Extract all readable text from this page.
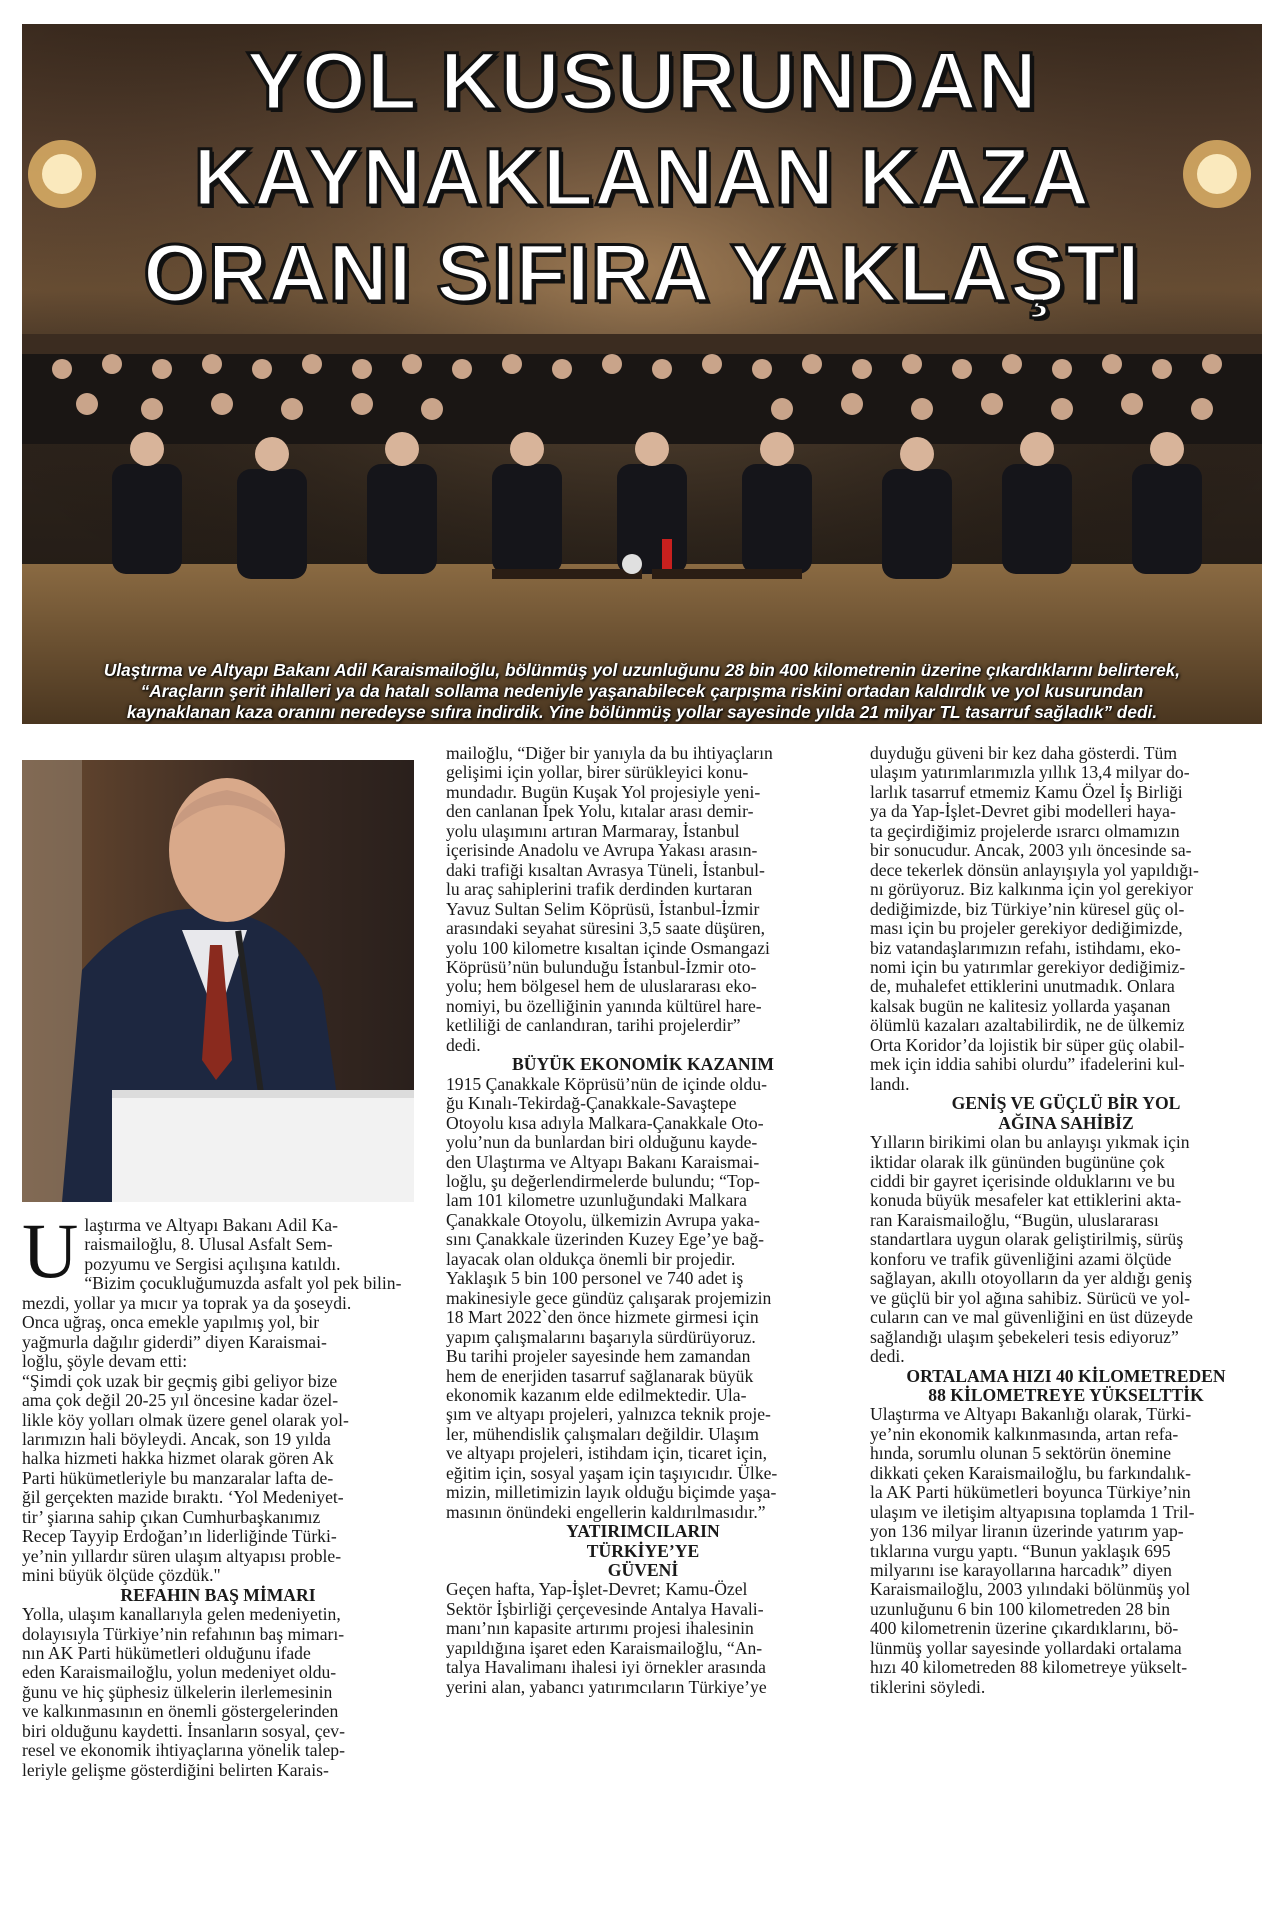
YOL KUSURUNDAN
KAYNAKLANAN KAZA
ORANI SIFIRA YAKLAŞTI
Ulaştırma ve Altyapı Bakanı Adil Karaismailoğlu, bölünmüş yol uzunluğunu 28 bin 400 kilometrenin üzerine çıkardıklarını belirterek,
“Araçların şerit ihlalleri ya da hatalı sollama nedeniyle yaşanabilecek çarpışma riskini ortadan kaldırdık ve yol kusurundan
kaynaklanan kaza oranını neredeyse sıfıra indirdik. Yine bölünmüş yollar sayesinde yılda 21 milyar TL tasarruf sağladık” dedi.

U laştırma ve Altyapı Bakanı Adil Ka-
raismailoğlu, 8. Ulusal Asfalt Sem-
pozyumu ve Sergisi açılışına katıldı.

“Bizim çocukluğumuzda asfalt yol pek bilin-
mezdi, yollar ya mıcır ya toprak ya da şoseydi.
Onca uğraş, onca emekle yapılmış yol, bir
yağmurla dağılır giderdi” diyen Karaismai-
loğlu, şöyle devam etti:
“Şimdi çok uzak bir geçmiş gibi geliyor bize
ama çok değil 20-25 yıl öncesine kadar özel-
likle köy yolları olmak üzere genel olarak yol-
larımızın hali böyleydi. Ancak, son 19 yılda
halka hizmeti hakka hizmet olarak gören Ak
Parti hükümetleriyle bu manzaralar lafta de-
ğil gerçekten mazide bıraktı. ‘Yol Medeniyet-
tir’ şiarına sahip çıkan Cumhurbaşkanımız
Recep Tayyip Erdoğan’ın liderliğinde Türki-
ye’nin yıllardır süren ulaşım altyapısı proble-
mini büyük ölçüde çözdük."

REFAHIN BAŞ MİMARI

Yolla, ulaşım kanallarıyla gelen medeniyetin,
dolayısıyla Türkiye’nin refahının baş mimarı-
nın AK Parti hükümetleri olduğunu ifade
eden Karaismailoğlu, yolun medeniyet oldu-
ğunu ve hiç şüphesiz ülkelerin ilerlemesinin
ve kalkınmasının en önemli göstergelerinden
biri olduğunu kaydetti. İnsanların sosyal, çev-
resel ve ekonomik ihtiyaçlarına yönelik talep-
leriyle gelişme gösterdiğini belirten Karais-

mailoğlu, “Diğer bir yanıyla da bu ihtiyaçların
gelişimi için yollar, birer sürükleyici konu-
mundadır. Bugün Kuşak Yol projesiyle yeni-
den canlanan İpek Yolu, kıtalar arası demir-
yolu ulaşımını artıran Marmaray, İstanbul
içerisinde Anadolu ve Avrupa Yakası arasın-
daki trafiği kısaltan Avrasya Tüneli, İstanbul-
lu araç sahiplerini trafik derdinden kurtaran
Yavuz Sultan Selim Köprüsü, İstanbul-İzmir
arasındaki seyahat süresini 3,5 saate düşüren,
yolu 100 kilometre kısaltan içinde Osmangazi
Köprüsü’nün bulunduğu İstanbul-İzmir oto-
yolu; hem bölgesel hem de uluslararası eko-
nomiyi, bu özelliğinin yanında kültürel hare-
ketliliği de canlandıran, tarihi projelerdir”
dedi.

BÜYÜK EKONOMİK KAZANIM

1915 Çanakkale Köprüsü’nün de içinde oldu-
ğu Kınalı-Tekirdağ-Çanakkale-Savaştepe
Otoyolu kısa adıyla Malkara-Çanakkale Oto-
yolu’nun da bunlardan biri olduğunu kayde-
den Ulaştırma ve Altyapı Bakanı Karaismai-
loğlu, şu değerlendirmelerde bulundu; “Top-
lam 101 kilometre uzunluğundaki Malkara
Çanakkale Otoyolu, ülkemizin Avrupa yaka-
sını Çanakkale üzerinden Kuzey Ege’ye bağ-
layacak olan oldukça önemli bir projedir.
Yaklaşık 5 bin 100 personel ve 740 adet iş
makinesiyle gece gündüz çalışarak projemizin
18 Mart 2022`den önce hizmete girmesi için
yapım çalışmalarını başarıyla sürdürüyoruz.
Bu tarihi projeler sayesinde hem zamandan
hem de enerjiden tasarruf sağlanarak büyük
ekonomik kazanım elde edilmektedir. Ula-
şım ve altyapı projeleri, yalnızca teknik proje-
ler, mühendislik çalışmaları değildir. Ulaşım
ve altyapı projeleri, istihdam için, ticaret için,
eğitim için, sosyal yaşam için taşıyıcıdır. Ülke-
mizin, milletimizin layık olduğu biçimde yaşa-
masının önündeki engellerin kaldırılmasıdır.”

YATIRIMCILARIN
TÜRKİYE’YE
GÜVENİ

Geçen hafta, Yap-İşlet-Devret; Kamu-Özel
Sektör İşbirliği çerçevesinde Antalya Havali-
manı’nın kapasite artırımı projesi ihalesinin
yapıldığına işaret eden Karaismailoğlu, “An-
talya Havalimanı ihalesi iyi örnekler arasında
yerini alan, yabancı yatırımcıların Türkiye’ye

duyduğu güveni bir kez daha gösterdi. Tüm
ulaşım yatırımlarımızla yıllık 13,4 milyar do-
larlık tasarruf etmemiz Kamu Özel İş Birliği
ya da Yap-İşlet-Devret gibi modelleri haya-
ta geçirdiğimiz projelerde ısrarcı olmamızın
bir sonucudur. Ancak, 2003 yılı öncesinde sa-
dece tekerlek dönsün anlayışıyla yol yapıldığı-
nı görüyoruz. Biz kalkınma için yol gerekiyor
dediğimizde, biz Türkiye’nin küresel güç ol-
ması için bu projeler gerekiyor dediğimizde,
biz vatandaşlarımızın refahı, istihdamı, eko-
nomi için bu yatırımlar gerekiyor dediğimiz-
de, muhalefet ettiklerini unutmadık. Onlara
kalsak bugün ne kalitesiz yollarda yaşanan
ölümlü kazaları azaltabilirdik, ne de ülkemiz
Orta Koridor’da lojistik bir süper güç olabil-
mek için iddia sahibi olurdu” ifadelerini kul-
landı.

GENİŞ VE GÜÇLÜ BİR YOL
AĞINA SAHİBİZ

Yılların birikimi olan bu anlayışı yıkmak için
iktidar olarak ilk gününden bugününe çok
ciddi bir gayret içerisinde olduklarını ve bu
konuda büyük mesafeler kat ettiklerini akta-
ran Karaismailoğlu, “Bugün, uluslararası
standartlara uygun olarak geliştirilmiş, sürüş
konforu ve trafik güvenliğini azami ölçüde
sağlayan, akıllı otoyolların da yer aldığı geniş
ve güçlü bir yol ağına sahibiz. Sürücü ve yol-
cuların can ve mal güvenliğini en üst düzeyde
sağlandığı ulaşım şebekeleri tesis ediyoruz”
dedi.

ORTALAMA HIZI 40 KİLOMETREDEN
88 KİLOMETREYE YÜKSELTTİK

Ulaştırma ve Altyapı Bakanlığı olarak, Türki-
ye’nin ekonomik kalkınmasında, artan refa-
hında, sorumlu olunan 5 sektörün önemine
dikkati çeken Karaismailoğlu, bu farkındalık-
la AK Parti hükümetleri boyunca Türkiye’nin
ulaşım ve iletişim altyapısına toplamda 1 Tril-
yon 136 milyar liranın üzerinde yatırım yap-
tıklarına vurgu yaptı. “Bunun yaklaşık 695
milyarını ise karayollarına harcadık” diyen
Karaismailoğlu, 2003 yılındaki bölünmüş yol
uzunluğunu 6 bin 100 kilometreden 28 bin
400 kilometrenin üzerine çıkardıklarını, bö-
lünmüş yollar sayesinde yollardaki ortalama
hızı 40 kilometreden 88 kilometreye yükselt-
tiklerini söyledi.
